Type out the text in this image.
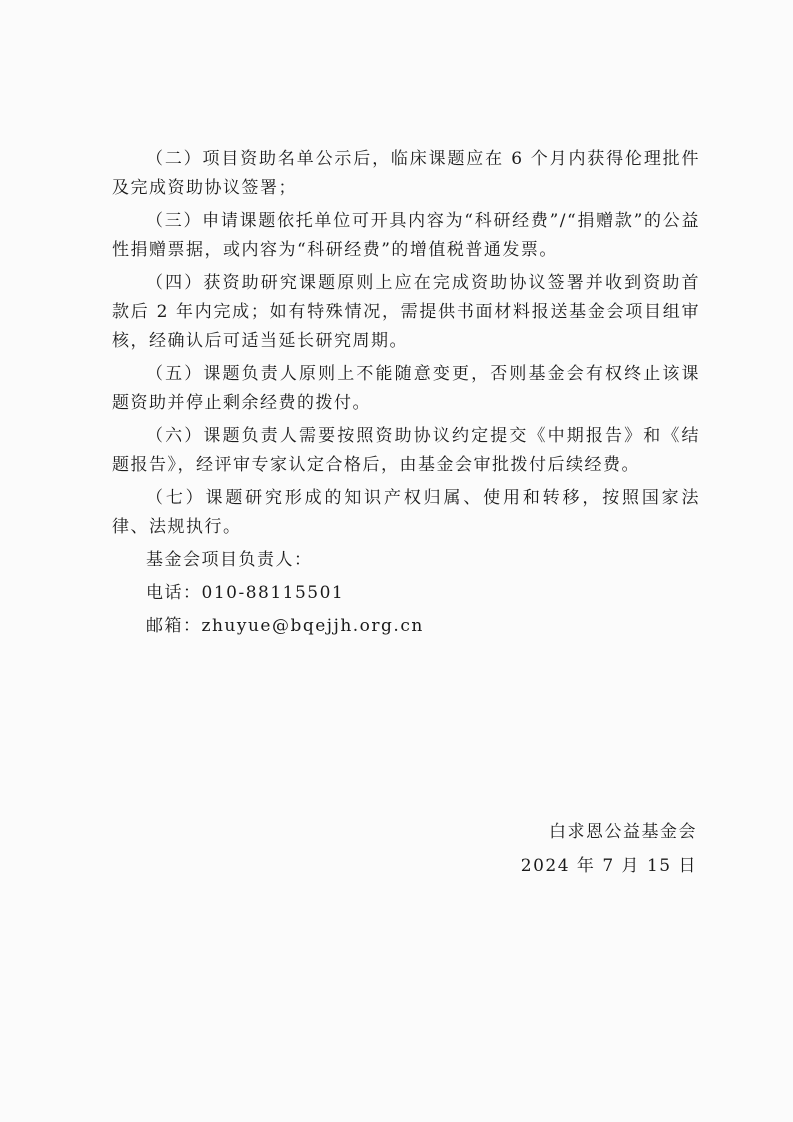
（二）项目资助名单公示后，临床课题应在 6 个月内获得伦理批件及完成资助协议签署；

（三）申请课题依托单位可开具内容为“科研经费”/“捐赠款”的公益性捐赠票据，或内容为“科研经费”的增值税普通发票。

（四）获资助研究课题原则上应在完成资助协议签署并收到资助首款后 2 年内完成；如有特殊情况，需提供书面材料报送基金会项目组审核，经确认后可适当延长研究周期。

（五）课题负责人原则上不能随意变更，否则基金会有权终止该课题资助并停止剩余经费的拨付。

（六）课题负责人需要按照资助协议约定提交《中期报告》和《结题报告》，经评审专家认定合格后，由基金会审批拨付后续经费。

（七）课题研究形成的知识产权归属、使用和转移，按照国家法律、法规执行。

基金会项目负责人：

电话：010-88115501

邮箱：zhuyue@bqejjh.org.cn

白求恩公益基金会
2024 年 7 月 15 日
